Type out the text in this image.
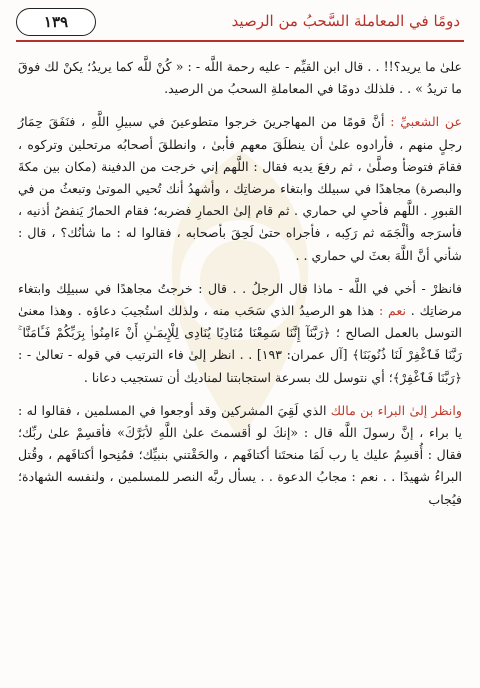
١٣٩	دومًا في المعاملة السَّحبُ من الرصيد

علىٰ ما يريد؟!! . . قال ابن القيِّم - عليه رحمة اللَّه - : « كُنْ للَّه كما يريدُ؛ يكنْ لك فوقَ ما تريدُ » . . فلذلك دومًا في المعاملةِ السحبُ من الرصيد.

عن الشعبيِّ : أنَّ قومًا من المهاجرينَ خرجوا متطوعينَ في سبيلِ اللَّهِ ، فنَفَقَ حِمَارُ رجلٍ منهم ، فأرادوه علىٰ أن ينطلَقَ معهم فأبىٰ ، وانطلقَ أصحابُه مرتحلين وتركوه ، فقامَ فتوضأ وصلَّىٰ ، ثم رفعَ يديه فقال : اللَّهم إني خرجت من الدفينة (مكان بين مكةَ والبصرة) مجاهدًا في سبيلك وابتغاء مرضاتِك ، وأشهدُ أنك تُحيي الموتىٰ وتبعثُ من في القبورِ . اللَّهم فأحيِ لي حماري . ثم قام إلىٰ الحمارِ فضربه؛ فقام الحمارُ يَنفضُ أذنيه ، فأسرَجه وألْجَمَه ثم رَكِبه ، فأجراه حتىٰ لَحِقَ بأصحابه ، فقالوا له : ما شأنُك؟ ، قال : شأني أنَّ اللَّهَ بعثَ لي حماري . .

فانظرْ - أخي في اللَّه - ماذا قال الرجلُ . . قال : خرجتُ مجاهدًا في سبيلِك وابتغاء مرضاتِك . نعم : هذا هو الرصيدُ الذي سَحَب منه ، ولذلك استُجيبَ دعاؤه . وهذا معنىٰ التوسل بالعمل الصالح ؛ ﴿رَبَّنَآ إِنَّنَا سَمِعْنَا مُنَادِيًا يُنَادِى لِلْإِيمَـٰنِ أَنْ ءَامِنُوا۟ بِرَبِّكُمْ فَـَٔامَنَّا ۚ رَبَّنَا فَٱغْفِرْ لَنَا ذُنُوبَنَا﴾ [آل عمران: ١٩٣] . . انظر إلىٰ فاء الترتيب في قوله - تعالىٰ - : ﴿رَبَّنَا فَٱغْفِرْ﴾؛ أي نتوسل لك بسرعة استجابتنا لمناديك أن تستجيب دعانا .

وانظر إلىٰ البراء بن مالك الذي لَقِيَ المشركين وقد أوجعوا في المسلمين ، فقالوا له : يا براء ، إنَّ رسولَ اللَّه قال : «إنكَ لو أقسمتَ علىٰ اللَّهِ لأبَرَّكَ» فأقسِمْ علىٰ ربِّك؛ فقال : أُقسِمُ عليك يا رب لَمَا منحتَنا أكتافَهم ، والحَقْتني بنبيِّك؛ فمُنِحوا أكتافَهم ، وقُتل البراءُ شهيدًا . . نعم : مجابُ الدعوة . . يسأل ربَّه النصر للمسلمين ، ولنفسه الشهادة؛ فيُجاب
